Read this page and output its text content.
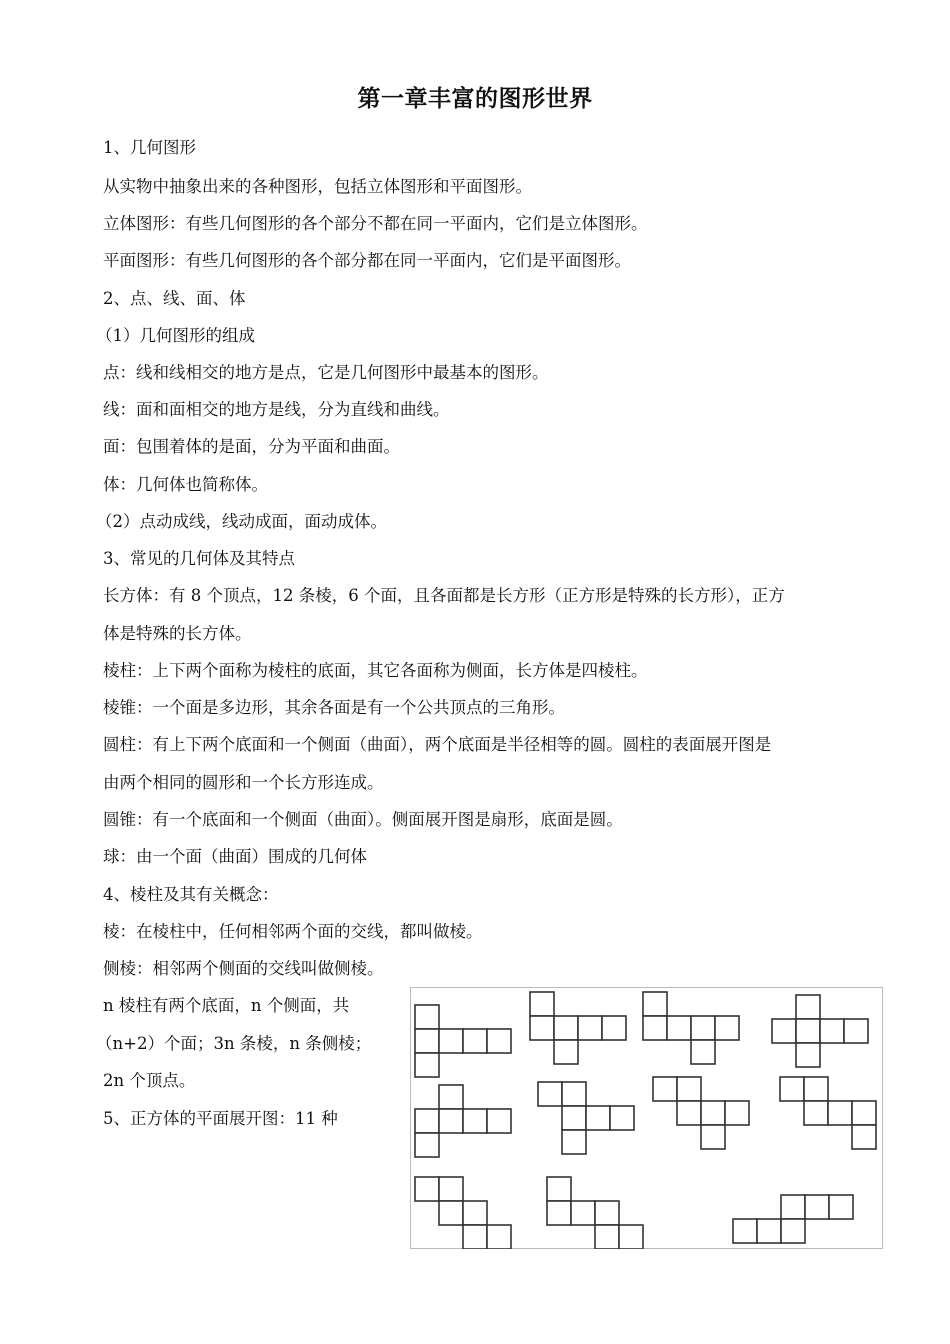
第一章丰富的图形世界
1、几何图形
从实物中抽象出来的各种图形，包括立体图形和平面图形。
立体图形：有些几何图形的各个部分不都在同一平面内，它们是立体图形。
平面图形：有些几何图形的各个部分都在同一平面内，它们是平面图形。
2、点、线、面、体
（1）几何图形的组成
点：线和线相交的地方是点，它是几何图形中最基本的图形。
线：面和面相交的地方是线，分为直线和曲线。
面：包围着体的是面，分为平面和曲面。
体：几何体也简称体。
（2）点动成线，线动成面，面动成体。
3、常见的几何体及其特点
长方体：有 8 个顶点，12 条棱，6 个面，且各面都是长方形（正方形是特殊的长方形），正方
体是特殊的长方体。
棱柱：上下两个面称为棱柱的底面，其它各面称为侧面，长方体是四棱柱。
棱锥：一个面是多边形，其余各面是有一个公共顶点的三角形。
圆柱：有上下两个底面和一个侧面（曲面），两个底面是半径相等的圆。圆柱的表面展开图是
由两个相同的圆形和一个长方形连成。
圆锥：有一个底面和一个侧面（曲面）。侧面展开图是扇形，底面是圆。
球：由一个面（曲面）围成的几何体
4、棱柱及其有关概念：
棱：在棱柱中，任何相邻两个面的交线，都叫做棱。
侧棱：相邻两个侧面的交线叫做侧棱。
n 棱柱有两个底面，n 个侧面，共
（n+2）个面；3n 条棱，n 条侧棱；
2n 个顶点。
5、正方体的平面展开图：11 种
